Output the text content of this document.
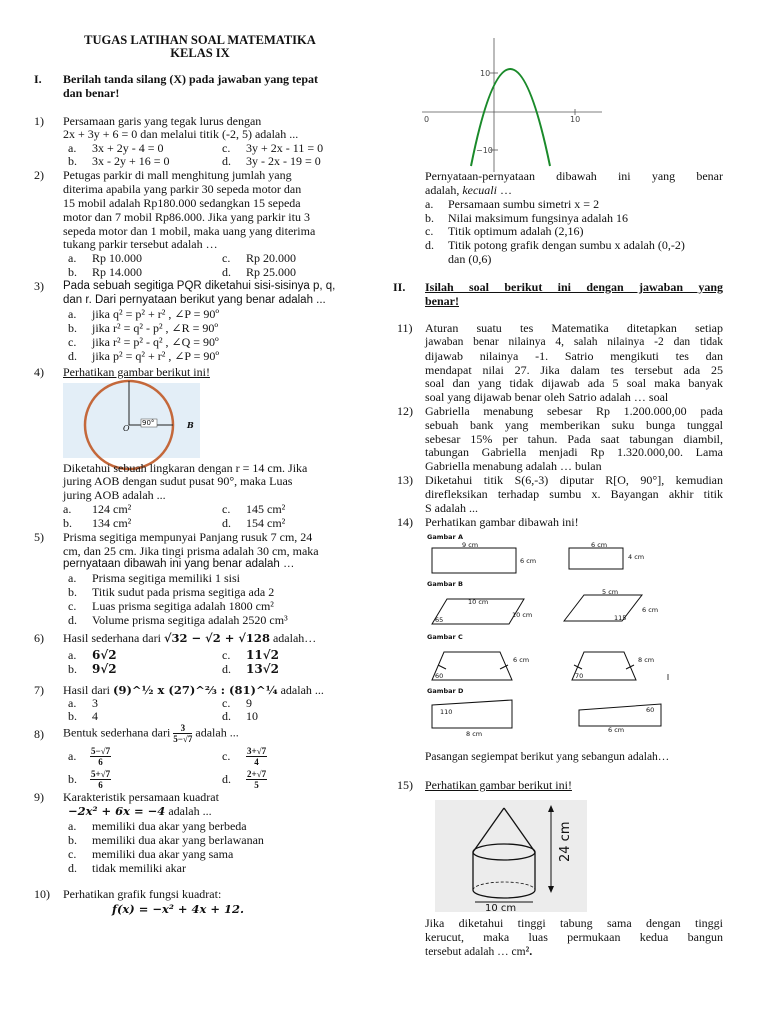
TUGAS LATIHAN SOAL MATEMATIKA
KELAS IX
I. Berilah tanda silang (X) pada jawaban yang tepat
dan benar!
1) Persamaan garis yang tegak lurus dengan
2x + 3y + 6 = 0 dan melalui titik (-2, 5) adalah ...
a. 3x + 2y - 4 = 0
b. 3x - 2y + 16 = 0
c. 3y + 2x - 11 = 0
d. 3y - 2x - 19 = 0
2) Petugas parkir di mall menghitung jumlah yang
diterima apabila yang parkir 30 sepeda motor dan
15 mobil adalah Rp180.000 sedangkan 15 sepeda
motor dan 7 mobil Rp86.000. Jika yang parkir itu 3
sepeda motor dan 1 mobil, maka uang yang diterima
tukang parkir tersebut adalah …
a. Rp 10.000
b. Rp 14.000
c. Rp 20.000
d. Rp 25.000
3) Pada sebuah segitiga PQR diketahui sisi-sisinya p, q,
dan r. Dari pernyataan berikut yang benar adalah ...
a. jika q² = p² + r² , ∠P = 90º
b. jika r² = q² - p² , ∠R = 90º
c. jika r² = p² - q² , ∠Q = 90º
d. jika p² = q² + r² , ∠P = 90º
4) Perhatikan gambar berikut ini!
90°
O	B
Diketahui sebuah lingkaran dengan r = 14 cm. Jika
juring AOB dengan sudut pusat 90°, maka Luas
juring AOB adalah ...
a. 124 cm²
b. 134 cm²
c. 145 cm²
d. 154 cm²
5) Prisma segitiga mempunyai Panjang rusuk 7 cm, 24
cm, dan 25 cm. Jika tingi prisma adalah 30 cm, maka
pernyataan dibawah ini yang benar adalah …
a. Prisma segitiga memiliki 1 sisi
b. Titik sudut pada prisma segitiga ada 2
c. Luas prisma segitiga adalah 1800 cm²
d. Volume prisma segitiga adalah 2520 cm³
6) Hasil sederhana dari √32 − √2 + √128 adalah…
a. 6√2
b. 9√2
c. 11√2
d. 13√2
7) Hasil dari (9)^½ x (27)^⅔ : (81)^¼ adalah ...
a. 3
b. 4
c. 9
d. 10
8) Bentuk sederhana dari $\frac{3}{5-√7}$ adalah ...
a. $\frac{5-√7}{6}$
b. $\frac{5+√7}{6}$
c. $\frac{3+√7}{4}$
d. $\frac{2+√7}{5}$
9) Karakteristik persamaan kuadrat
−2x² + 6x = −4 adalah ...
a. memiliki dua akar yang berbeda
b. memiliki dua akar yang berlawanan
c. memiliki dua akar yang sama
d. tidak memiliki akar
10) Perhatikan grafik fungsi kuadrat:
f(x) = −x² + 4x + 12.
10
−10
0	10
Pernyataan-pernyataan dibawah ini yang benar
adalah, kecuali …
a. Persamaan sumbu simetri x = 2
b. Nilai maksimum fungsinya adalah 16
c. Titik optimum adalah (2,16)
d. Titik potong grafik dengan sumbu x adalah (0,-2)
dan (0,6)
II. Isilah soal berikut ini dengan jawaban yang
benar!
11) Aturan suatu tes Matematika ditetapkan setiap
jawaban benar nilainya 4, salah nilainya -2 dan tidak
dijawab nilainya -1. Satrio mengikuti tes dan
mendapat nilai 27. Jika dalam tes tersebut ada 25
soal dan yang tidak dijawab ada 5 soal maka banyak
soal yang dijawab benar oleh Satrio adalah … soal
12) Gabriella menabung sebesar Rp 1.200.000,00 pada
sebuah bank yang memberikan suku bunga tunggal
sebesar 15% per tahun. Pada saat tabungan diambil,
tabungan Gabriella menjadi Rp 1.320.000,00. Lama
Gabriella menabung adalah … bulan
13) Diketahui titik S(6,-3) diputar R[O, 90°], kemudian
direfleksikan terhadap sumbu x. Bayangan akhir titik
S adalah ...
14) Perhatikan gambar dibawah ini!
Gambar A
9 cm
6 cm
6 cm
4 cm
Gambar B
10 cm
10 cm
65
5 cm
6 cm
115
Gambar C
6 cm
60
8 cm
70
Gambar D
110
8 cm
60
6 cm
Pasangan segiempat berikut yang sebangun adalah…
15) Perhatikan gambar berikut ini!
24 cm
10 cm
Jika diketahui tinggi tabung sama dengan tinggi
kerucut, maka luas permukaan kedua bangun
tersebut adalah … cm².
